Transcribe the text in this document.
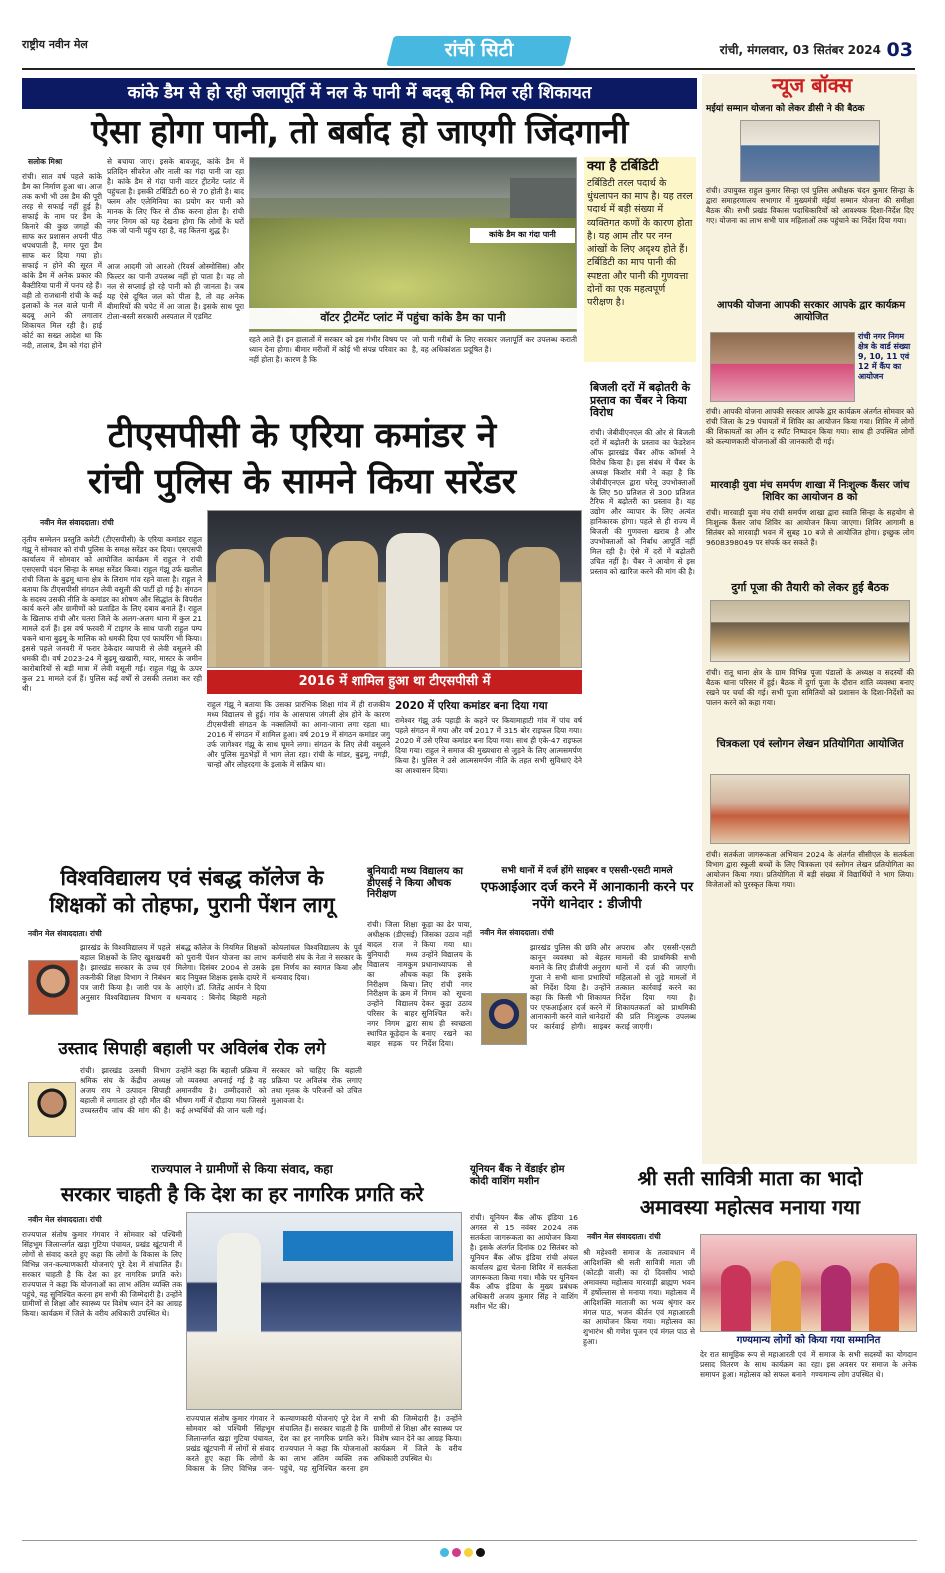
राष्ट्रीय नवीन मेल	रांची सिटी	रांची, मंगलवार, 03 सितंबर 2024 03
कांके डैम से हो रही जलापूर्ति में नल के पानी में बदबू की मिल रही शिकायत
ऐसा होगा पानी, तो बर्बाद हो जाएगी जिंदगानी
सलोक मिश्रा
रांची। सात वर्ष पहले कांके डैम का निर्माण हुआ था। आज तक कभी भी उस डैम की पूरी तरह से सफाई नहीं हुई है। सफाई के नाम पर डैम के किनारे की कुछ जगहों की साफ कर प्रशासन अपनी पीठ थपथपाती है, मगर पूरा डैम साफ कर दिया गया हो। सफाई न होने की सूरत में कांके डैम में अनेक प्रकार की बैक्टीरिया पानी में पनप रहे हैं। वही तो राजधानी रांची के कई इलाकों के नल वाले पानी में बदबू आने की लगातार शिकायत मिल रही है। हाई कोर्ट का सख्त आदेश था कि नदी, तालाब, डैम को गंदा होने
से बचाया जाए। इसके बावजूद, कांके डैम में प्रतिदिन सीवरेज और नाली का गंदा पानी जा रहा है। कांके डैम से गंदा पानी वाटर ट्रीटमेंट प्लांट में पहुंचता है। इसकी टर्बिडिटी 60 से 70 होती है। बाद फ्लम और एलेमिनिया का प्रयोग कर पानी को मानक के लिए फिर से ठीक करना होता है। रांची नगर निगम को यह देखना होगा कि लोगों के घरों तक जो पानी पहुंच रहा है, वह कितना शुद्ध है।
आज आदमी जो आरओ (रिवर्स ओस्मोसिस) और फिल्टर का पानी उपलब्ध नहीं हो पाता है। वह तो नल से सप्लाई हो रहे पानी को ही जानता है। जब यह ऐसे दूषित जल को पीता है, तो वह अनेक बीमारियों की चपेट में आ जाता है। इसके साथ पूरा टोला-बस्ती सरकारी अस्पताल में एडमिट
कांके डैम का गंदा पानी
वॉटर ट्रीटमेंट प्लांट में पहुंचा कांके डैम का पानी
रहते आते हैं। इन हालातों में सरकार को इस गंभीर विषय पर ध्यान देना होगा। बीमार मरीजों में कोई भी संपन्न परिवार का नहीं होता है। कारण है कि
जो पानी गरीबों के लिए सरकार जलापूर्ति कर उपलब्ध कराती है, वह अधिकांशतः प्रदूषित है।
क्या है टर्बिडिटी
टर्बिडिटी तरल पदार्थ के धुंधलापन का माप है। यह तरल पदार्थ में बड़ी संख्या में व्यक्तिगत कणों के कारण होता है। यह आम तौर पर नग्न आंखों के लिए अदृश्य होते हैं। टर्बिडिटी का माप पानी की स्पष्टता और पानी की गुणवत्ता दोनों का एक महत्वपूर्ण परीक्षण है।
टीएसपीसी के एरिया कमांडर ने
रांची पुलिस के सामने किया सरेंडर
नवीन मेल संवाददाता। रांची
तृतीय सम्मेलन प्रस्तुति कमेटी (टीएसपीसी) के एरिया कमांडर राहुल गंझू ने सोमवार को रांची पुलिस के समक्ष सरेंडर कर दिया। एसएसपी कार्यालय में सोमवार को आयोजित कार्यक्रम में राहुल ने रांची एसएसपी चंदन सिन्हा के समक्ष सरेंडर किया। राहुल गंझू उर्फ खलील रांची जिला के बुढ़मू थाना क्षेत्र के लिराम गांव रहने वाला है। राहुल ने बताया कि टीएसपीसी संगठन लेवी वसूली की पार्टी हो गई है। संगठन के सदस्य उसकी नीति के कमांडर का शोषण और सिद्धांत के विपरीत कार्य करने और ग्रामीणों को प्रताड़ित के लिए दबाव बनाते हैं। राहुल के खिलाफ रांची और चतरा जिले के अलग-अलग थाना में कुल 21 मामले दर्ज हैं। इस वर्ष फरवरी में टाइगर के साथ पाजी राहुल पम्प चकने थाना बुढ़मू के मालिक को धमकी दिया एवं फायरिंग भी किया। इससे पहले जनवरी में फरार ठेकेदार व्यापारी से लेवी वसूलने की धमकी दी। वर्ष 2023-24 में बुढ़मू खखारी, ग्वार, मास्टर के जमीन कारोबारियों से बड़ी मात्रा में लेवी वसूली गई। राहुल गंझू के ऊपर कुल 21 मामले दर्ज हैं। पुलिस कई वर्षों से उसकी तलाश कर रही थी।	2016 में शामिल हुआ था टीएसपीसी में
राहुल गंझू ने बताया कि उसका प्रारंभिक शिक्षा गांव में ही राजकीय मध्य विद्यालय से हुई। गांव के आसपास जंगली क्षेत्र होने के कारण टीएसपीसी संगठन के नक्सलियों का आना-जाना लगा रहता था। 2016 में संगठन में शामिल हुआ। वर्ष 2019 में संगठन कमांडर जगु उर्फ जागेश्वर गंझू के साथ घूमने लगा। संगठन के लिए लेवी वसूलने और पुलिस मुठभेड़ों में भाग लेता रहा। रांची के मांडर, बुढ़मू, नगड़ी, चान्हो और लोहरदगा के इलाके में सक्रिय था।
2020 में एरिया कमांडर बना दिया गया
रामेश्वर गंझू उर्फ पहाड़ी के कहने पर कियामाहाटी गांव में पांच वर्ष पहले संगठन में गया और वर्ष 2017 में 315 बोर राइफल दिया गया। 2020 में उसे एरिया कमांडर बना दिया गया। साथ ही एके-47 राइफल दिया गया। राहुल ने समाज की मुख्यधारा से जुड़ने के लिए आत्मसमर्पण किया है। पुलिस ने उसे आत्मसमर्पण नीति के तहत सभी सुविधाएं देने का आश्वासन दिया।
बिजली दरों में बढ़ोतरी के प्रस्ताव का चैंबर ने किया विरोध
रांची। जेबीवीएनएल की ओर से बिजली दरों में बढ़ोतरी के प्रस्ताव का फेडरेशन ऑफ झारखंड चैंबर ऑफ कॉमर्स ने विरोध किया है। इस संबंध में चैंबर के अध्यक्ष किशोर मंत्री ने कहा है कि जेबीवीएनएल द्वारा घरेलू उपभोक्ताओं के लिए 50 प्रतिशत से 300 प्रतिशत टैरिफ में बढ़ोतरी का प्रस्ताव है। यह उद्योग और व्यापार के लिए अत्यंत हानिकारक होगा। पहले से ही राज्य में बिजली की गुणवत्ता खराब है और उपभोक्ताओं को निर्बाध आपूर्ति नहीं मिल रही है। ऐसे में दरों में बढ़ोतरी उचित नहीं है। चैंबर ने आयोग से इस प्रस्ताव को खारिज करने की मांग की है।
विश्वविद्यालय एवं संबद्ध कॉलेज के
शिक्षकों को तोहफा, पुरानी पेंशन लागू
नवीन मेल संवाददाता। रांची
झारखंड के विश्वविद्यालय में पहले बहाल शिक्षकों के लिए खुशखबरी है। झारखंड सरकार के उच्च एवं तकनीकी शिक्षा विभाग ने निबंधन पत्र जारी किया है। जारी पत्र के अनुसार विश्वविद्यालय विभाग व संबद्ध कॉलेज के नियमित शिक्षकों को पुरानी पेंशन योजना का लाभ मिलेगा। दिसंबर 2004 से उसके बाद नियुक्त शिक्षक इसके दायरे में आएंगे। डॉ. जितेंद्र आर्यन ने दिया धन्यवाद : बिनोद बिहारी महतो कोयलांचल विश्वविद्यालय के पूर्व कर्मचारी संघ के नेता ने सरकार के इस निर्णय का स्वागत किया और धन्यवाद दिया।
उस्ताद सिपाही बहाली पर अविलंब रोक लगे
रांची। झारखंड उत्सवी विभाग श्रमिक संघ के केंद्रीय अध्यक्ष अजय राय ने उत्पादन सिपाही बहाली में लगातार हो रही मौत की उच्चस्तरीय जांच की मांग की है। उन्होंने कहा कि बहाली प्रक्रिया में जो व्यवस्था अपनाई गई है वह अमानवीय है। उम्मीदवारों को भीषण गर्मी में दौड़ाया गया जिससे कई अभ्यर्थियों की जान चली गई। सरकार को चाहिए कि बहाली प्रक्रिया पर अविलंब रोक लगाए तथा मृतक के परिजनों को उचित मुआवजा दे।
बुनियादी मध्य विद्यालय का डीएसई ने किया औचक निरीक्षण
रांची। जिला शिक्षा अधीक्षक (डीएसई) बादल राज ने बुनियादी मध्य विद्यालय नामकुम का औचक निरीक्षण किया। निरीक्षण के क्रम में उन्होंने विद्यालय परिसर के बाहर नगर निगम द्वारा स्थापित कूड़ेदान के बाहर सड़क पर कूड़ा का ढेर पाया, जिसका उठाव नहीं किया गया था। उन्होंने विद्यालय के प्रधानाध्यापक से कहा कि इसके लिए रांची नगर निगम को सूचना देकर कूड़ा उठाव सुनिश्चित करें। साथ ही स्वच्छता बनाए रखने का निर्देश दिया।
सभी थानों में दर्ज होंगे साइबर व एससी-एसटी मामले
एफआईआर दर्ज करने में आनाकानी करने पर नपेंगे थानेदार : डीजीपी
नवीन मेल संवाददाता। रांची
झारखंड पुलिस की छवि और कानून व्यवस्था को बेहतर बनाने के लिए डीजीपी अनुराग गुप्ता ने सभी थाना प्रभारियों को निर्देश दिया है। उन्होंने कहा कि किसी भी शिकायत पर एफआईआर दर्ज करने में आनाकानी करने वाले थानेदारों पर कार्रवाई होगी। साइबर अपराध और एससी-एसटी मामलों की प्राथमिकी सभी थानों में दर्ज की जाएगी। महिलाओं से जुड़े मामलों में तत्काल कार्रवाई करने का निर्देश दिया गया है। शिकायतकर्ता को प्राथमिकी की प्रति निःशुल्क उपलब्ध कराई जाएगी।
न्यूज बॉक्स
मईयां सम्मान योजना को लेकर डीसी ने की बैठक
रांची। उपायुक्त राहुल कुमार सिन्हा एवं पुलिस अधीक्षक चंदन कुमार सिन्हा के द्वारा समाहरणालय सभागार में मुख्यमंत्री मंईयां सम्मान योजना की समीक्षा बैठक की। सभी प्रखंड विकास पदाधिकारियों को आवश्यक दिशा-निर्देश दिए गए। योजना का लाभ सभी पात्र महिलाओं तक पहुंचाने का निर्देश दिया गया।
आपकी योजना आपकी सरकार आपके द्वार कार्यक्रम आयोजित
रांची नगर निगम क्षेत्र के वार्ड संख्या 9, 10, 11 एवं 12 में कैंप का आयोजन
रांची। आपकी योजना आपकी सरकार आपके द्वार कार्यक्रम अंतर्गत सोमवार को रांची जिला के 29 पंचायतों में शिविर का आयोजन किया गया। शिविर में लोगों की शिकायतों का ऑन द स्पॉट निष्पादन किया गया। साथ ही उपस्थित लोगों को कल्याणकारी योजनाओं की जानकारी दी गई।
मारवाड़ी युवा मंच समर्पण शाखा में निःशुल्क कैंसर जांच शिविर का आयोजन 8 को
रांची। मारवाड़ी युवा मंच रांची समर्पण शाखा द्वारा स्वाति सिन्हा के सहयोग से निःशुल्क कैंसर जांच शिविर का आयोजन किया जाएगा। शिविर आगामी 8 सितंबर को मारवाड़ी भवन में सुबह 10 बजे से आयोजित होगा। इच्छुक लोग 9608398049 पर संपर्क कर सकते हैं।
दुर्गा पूजा की तैयारी को लेकर हुई बैठक
रांची। रातू थाना क्षेत्र के ग्राम विभिन्न पूजा पंडालों के अध्यक्ष व सदस्यों की बैठक थाना परिसर में हुई। बैठक में दुर्गा पूजा के दौरान शांति व्यवस्था बनाए रखने पर चर्चा की गई। सभी पूजा समितियों को प्रशासन के दिशा-निर्देशों का पालन करने को कहा गया।
चित्रकला एवं स्लोगन लेखन प्रतियोगिता आयोजित
रांची। सतर्कता जागरूकता अभियान 2024 के अंतर्गत सीसीएल के सतर्कता विभाग द्वारा स्कूली बच्चों के लिए चित्रकला एवं स्लोगन लेखन प्रतियोगिता का आयोजन किया गया। प्रतियोगिता में बड़ी संख्या में विद्यार्थियों ने भाग लिया। विजेताओं को पुरस्कृत किया गया।
राज्यपाल ने ग्रामीणों से किया संवाद, कहा
सरकार चाहती है कि देश का हर नागरिक प्रगति करे
नवीन मेल संवाददाता। रांची
राज्यपाल संतोष कुमार गंगवार ने सोमवार को पश्चिमी सिंहभूम जिलान्तर्गत खड़ा गुटिया पंचायत, प्रखंड खूंटपानी में लोगों से संवाद करते हुए कहा कि लोगों के विकास के लिए विभिन्न जन-कल्याणकारी योजनाएं पूरे देश में संचालित हैं। सरकार चाहती है कि देश का हर नागरिक प्रगति करे। राज्यपाल ने कहा कि योजनाओं का लाभ अंतिम व्यक्ति तक पहुंचे, यह सुनिश्चित करना हम सभी की जिम्मेदारी है। उन्होंने ग्रामीणों से शिक्षा और स्वास्थ्य पर विशेष ध्यान देने का आग्रह किया। कार्यक्रम में जिले के वरीय अधिकारी उपस्थित थे।
राज्यपाल संतोष कुमार गंगवार ने सोमवार को पश्चिमी सिंहभूम जिलान्तर्गत खड़ा गुटिया पंचायत, प्रखंड खूंटपानी में लोगों से संवाद करते हुए कहा कि लोगों के विकास के लिए विभिन्न जन-कल्याणकारी योजनाएं पूरे देश में संचालित हैं। सरकार चाहती है कि देश का हर नागरिक प्रगति करे। राज्यपाल ने कहा कि योजनाओं का लाभ अंतिम व्यक्ति तक पहुंचे, यह सुनिश्चित करना हम सभी की जिम्मेदारी है। उन्होंने ग्रामीणों से शिक्षा और स्वास्थ्य पर विशेष ध्यान देने का आग्रह किया। कार्यक्रम में जिले के वरीय अधिकारी उपस्थित थे।
यूनियन बैंक ने वेंडाईर होम कोदी वाशिंग मशीन
रांची। यूनियन बैंक ऑफ इंडिया 16 अगस्त से 15 नवंबर 2024 तक सतर्कता जागरूकता का आयोजन किया है। इसके अंतर्गत दिनांक 02 सितंबर को यूनियन बैंक ऑफ इंडिया रांची अंचल कार्यालय द्वारा चेतना शिविर में सतर्कता जागरूकता किया गया। मौके पर यूनियन बैंक ऑफ इंडिया के मुख्य प्रबंधक अधिकारी अजय कुमार सिंह ने वाशिंग मशीन भेंट की।
श्री सती सावित्री माता का भादो
अमावस्या महोत्सव मनाया गया
नवीन मेल संवाददाता। रांची
श्री महेश्वरी समाज के तत्वावधान में आदिशक्ति श्री सती सावित्री माता जी (कोटड़ी वाली) का दो दिवसीय भादो अमावस्या महोत्सव मारवाड़ी ब्राह्मण भवन में हर्षोल्लास से मनाया गया। महोत्सव में आदिशक्ति माताजी का भव्य श्रृंगार कर मंगल पाठ, भजन कीर्तन एवं महाआरती का आयोजन किया गया। महोत्सव का शुभारंभ श्री गणेश पूजन एवं मंगल पाठ से हुआ।	गण्यमान्य लोगों को किया गया सम्मानित
देर रात सामूहिक रूप से महाआरती एवं प्रसाद वितरण के साथ कार्यक्रम का समापन हुआ। महोत्सव को सफल बनाने में समाज के सभी सदस्यों का योगदान रहा। इस अवसर पर समाज के अनेक गण्यमान्य लोग उपस्थित थे।
